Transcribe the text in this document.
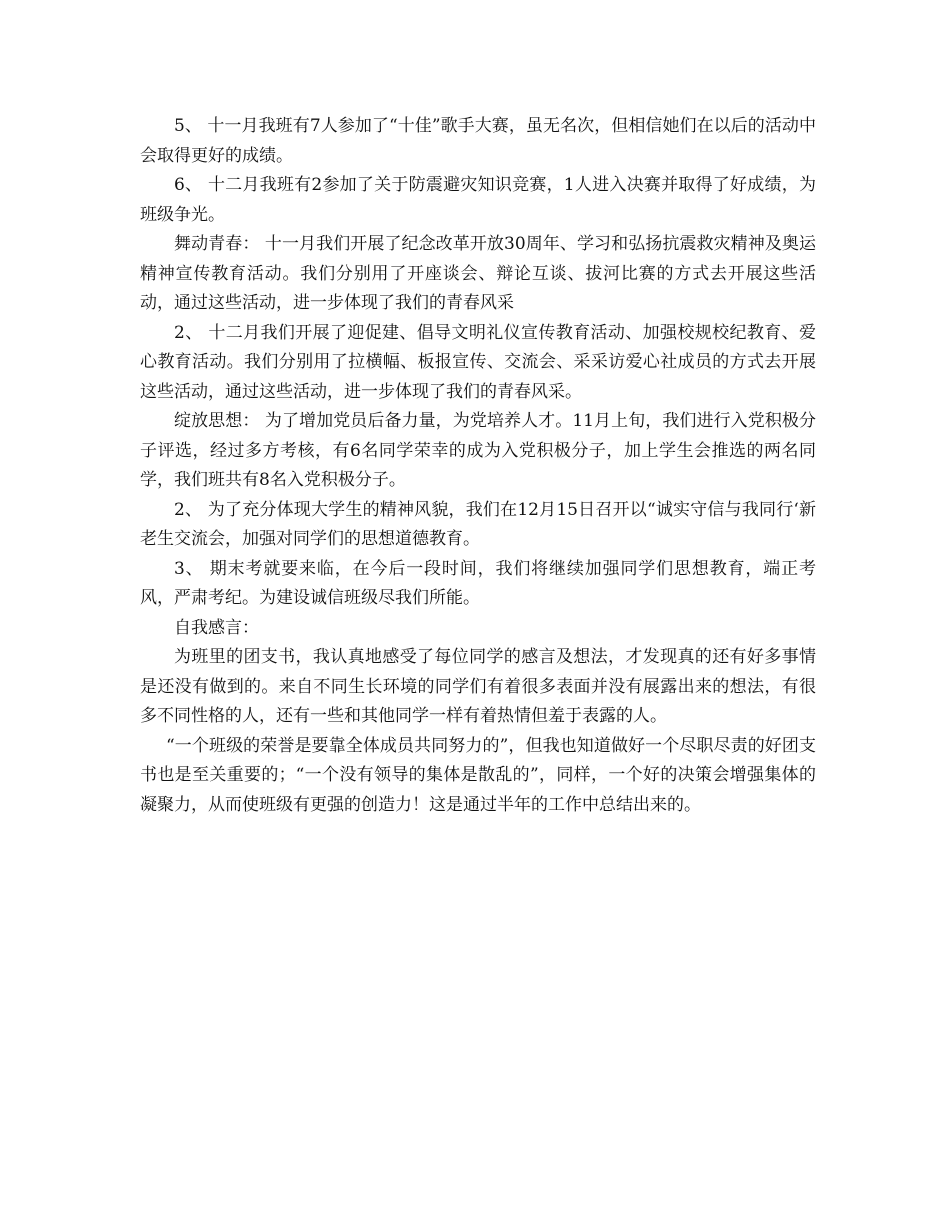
5、 十一月我班有7人参加了“十佳”歌手大赛，虽无名次，但相信她们在以后的活动中会取得更好的成绩。

6、 十二月我班有2参加了关于防震避灾知识竞赛，1人进入决赛并取得了好成绩，为班级争光。

舞动青春： 十一月我们开展了纪念改革开放30周年、学习和弘扬抗震救灾精神及奥运精神宣传教育活动。我们分别用了开座谈会、辩论互谈、拔河比赛的方式去开展这些活动，通过这些活动，进一步体现了我们的青春风采

2、 十二月我们开展了迎促建、倡导文明礼仪宣传教育活动、加强校规校纪教育、爱心教育活动。我们分别用了拉横幅、板报宣传、交流会、采采访爱心社成员的方式去开展这些活动，通过这些活动，进一步体现了我们的青春风采。

绽放思想： 为了增加党员后备力量，为党培养人才。11月上旬，我们进行入党积极分子评选，经过多方考核，有6名同学荣幸的成为入党积极分子，加上学生会推选的两名同学，我们班共有8名入党积极分子。

2、 为了充分体现大学生的精神风貌，我们在12月15日召开以“诚实守信与我同行‘新老生交流会，加强对同学们的思想道德教育。

3、 期末考就要来临，在今后一段时间，我们将继续加强同学们思想教育，端正考风，严肃考纪。为建设诚信班级尽我们所能。

自我感言：

为班里的团支书，我认真地感受了每位同学的感言及想法，才发现真的还有好多事情是还没有做到的。来自不同生长环境的同学们有着很多表面并没有展露出来的想法，有很多不同性格的人，还有一些和其他同学一样有着热情但羞于表露的人。

“一个班级的荣誉是要靠全体成员共同努力的”，但我也知道做好一个尽职尽责的好团支书也是至关重要的；“一个没有领导的集体是散乱的”，同样，一个好的决策会增强集体的凝聚力，从而使班级有更强的创造力！这是通过半年的工作中总结出来的。
